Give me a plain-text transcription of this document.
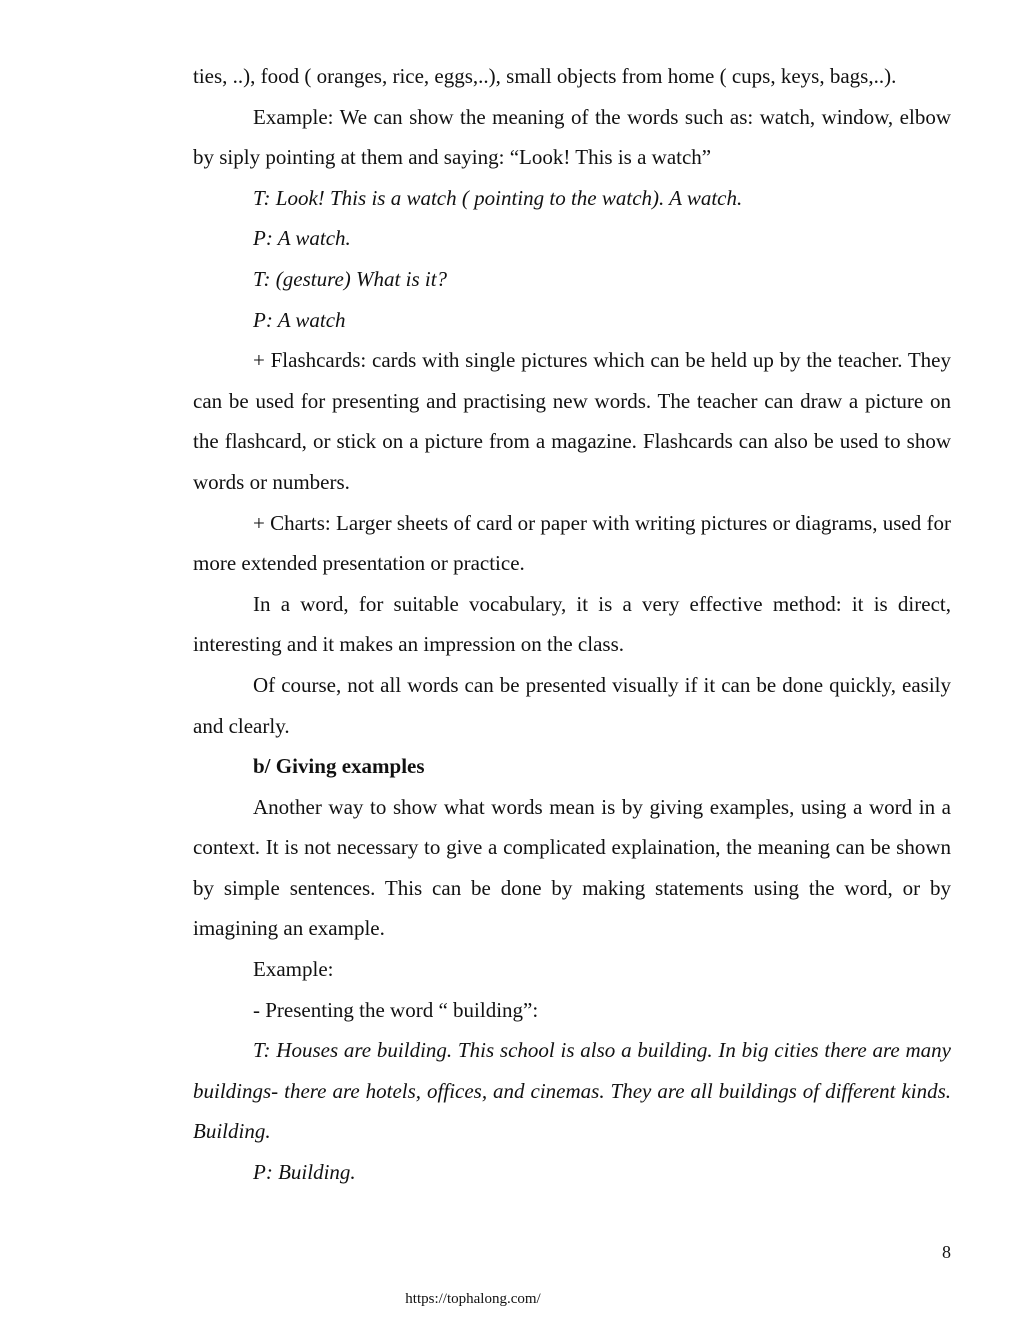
ties, ..), food ( oranges, rice, eggs,..), small objects from home ( cups, keys, bags,..).

Example: We can show the meaning of the words such as: watch, window, elbow by siply pointing at them and saying: “Look! This is a watch”

T: Look! This is a watch ( pointing to the watch). A watch.

P: A watch.

T: (gesture) What is it?

P: A watch

+ Flashcards: cards with single pictures which can be held up by the teacher. They can be used for presenting and practising new words. The teacher can draw a picture on the flashcard, or stick on a picture from a magazine. Flashcards can also be used to show words or numbers.

+ Charts: Larger sheets of card or paper with writing pictures or diagrams, used for more extended presentation or practice.

In a word, for suitable vocabulary, it is a very effective method: it is direct, interesting and it makes an impression on the class.

Of course, not all words can be presented visually if it can be done quickly, easily and clearly.

b/ Giving examples

Another way to show what words mean is by giving examples, using a word in a context. It is not necessary to give a complicated explaination, the meaning can be shown by simple sentences. This can be done by making statements using the word, or by imagining an example.

Example:

- Presenting the word “ building”:

T: Houses are building. This school is also a building. In big cities there are many buildings- there are hotels, offices, and cinemas. They are all buildings of different kinds. Building.

P: Building.

8
https://tophalong.com/
